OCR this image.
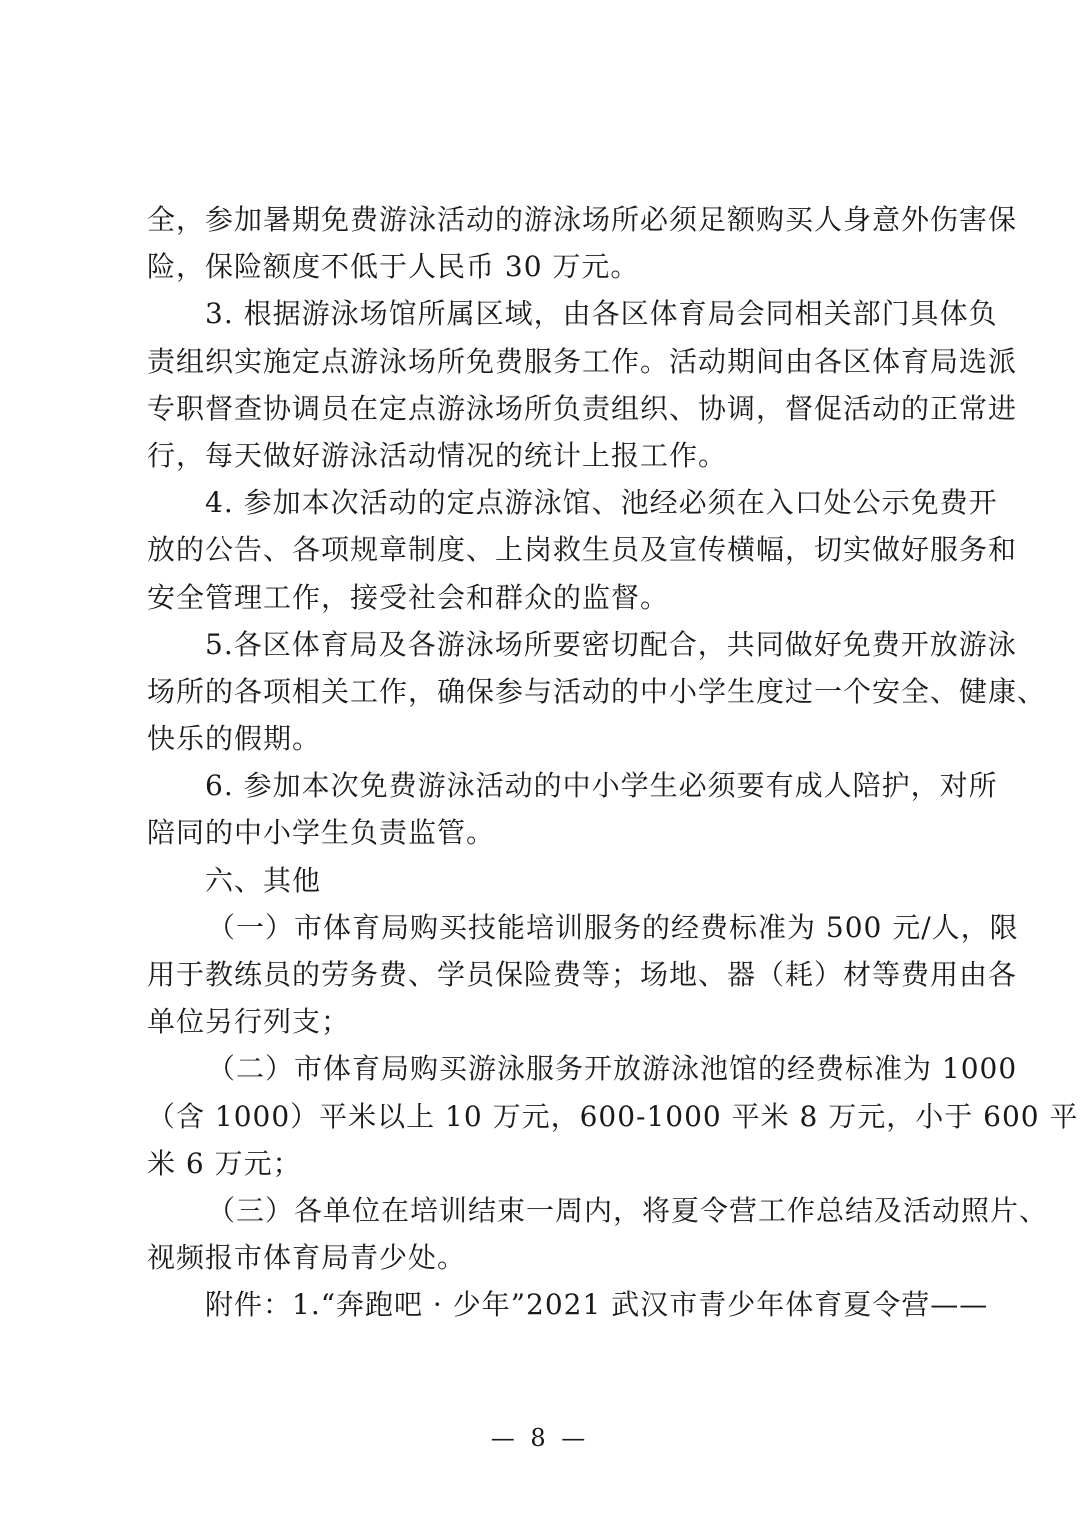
全，参加暑期免费游泳活动的游泳场所必须足额购买人身意外伤害保
险，保险额度不低于人民币 30 万元。
3. 根据游泳场馆所属区域，由各区体育局会同相关部门具体负
责组织实施定点游泳场所免费服务工作。活动期间由各区体育局选派
专职督查协调员在定点游泳场所负责组织、协调，督促活动的正常进
行，每天做好游泳活动情况的统计上报工作。
4. 参加本次活动的定点游泳馆、池经必须在入口处公示免费开
放的公告、各项规章制度、上岗救生员及宣传横幅，切实做好服务和
安全管理工作，接受社会和群众的监督。
5.各区体育局及各游泳场所要密切配合，共同做好免费开放游泳
场所的各项相关工作，确保参与活动的中小学生度过一个安全、健康、
快乐的假期。
6. 参加本次免费游泳活动的中小学生必须要有成人陪护，对所
陪同的中小学生负责监管。
六、其他
（一）市体育局购买技能培训服务的经费标准为 500 元/人，限
用于教练员的劳务费、学员保险费等；场地、器（耗）材等费用由各
单位另行列支；
（二）市体育局购买游泳服务开放游泳池馆的经费标准为 1000
（含 1000）平米以上 10 万元，600-1000 平米 8 万元，小于 600 平
米 6 万元；
（三）各单位在培训结束一周内，将夏令营工作总结及活动照片、
视频报市体育局青少处。
附件：1.“奔跑吧 · 少年”2021 武汉市青少年体育夏令营——
— 8 —
